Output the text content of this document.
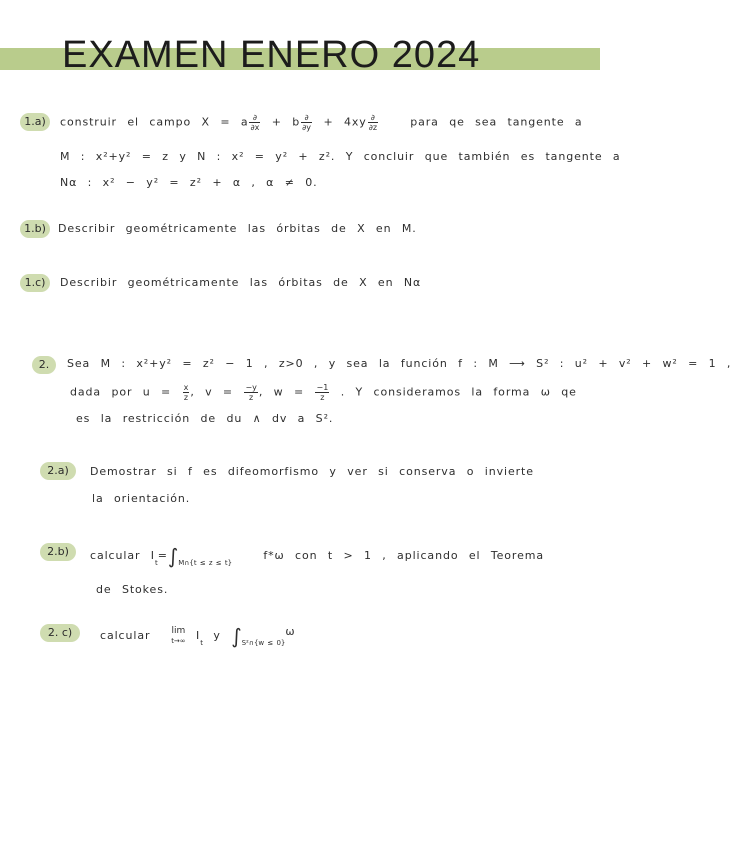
EXAMEN ENERO 2024
1.a)	construir el campo X = a $\frac{\partial}{\partial x} + b \frac{\partial}{\partial y} + 4xy \frac{\partial}{\partial z}$	para qe sea tangente a
M : x²+y² = z y N : x² = y² + z². Y concluir que también es tangente a
Nα : x² − y² = z² + α , α ≠ 0.
1.b)	Describir geométricamente las órbitas de X en M.
1.c)	Describir geométricamente las órbitas de X en Nα
2.	Sea M : x²+y² = z² − 1 , z>0 , y sea la función f : M ⟶ S² : u² + v² + w² = 1 ,
dada por $u = \frac{x}{z}$ , $v = \frac{-y}{z}$ , $w = \frac{-1}{z}$ . Y consideramos la forma ω qe
es la restricción de du ∧ dv a S².
2.a)	Demostrar si f es difeomorfismo y ver si conserva o invierte
la orientación.
2.b)	calcular $I_t=\int_{M\cap\{t \le z \le t\}}$   f*ω con t > 1 , aplicando el Teorema
de Stokes.
2. c)	calcular lim
t→∞ $I_t$ y $\int_{S^2\cap\{w \le 0\}}\omega$
